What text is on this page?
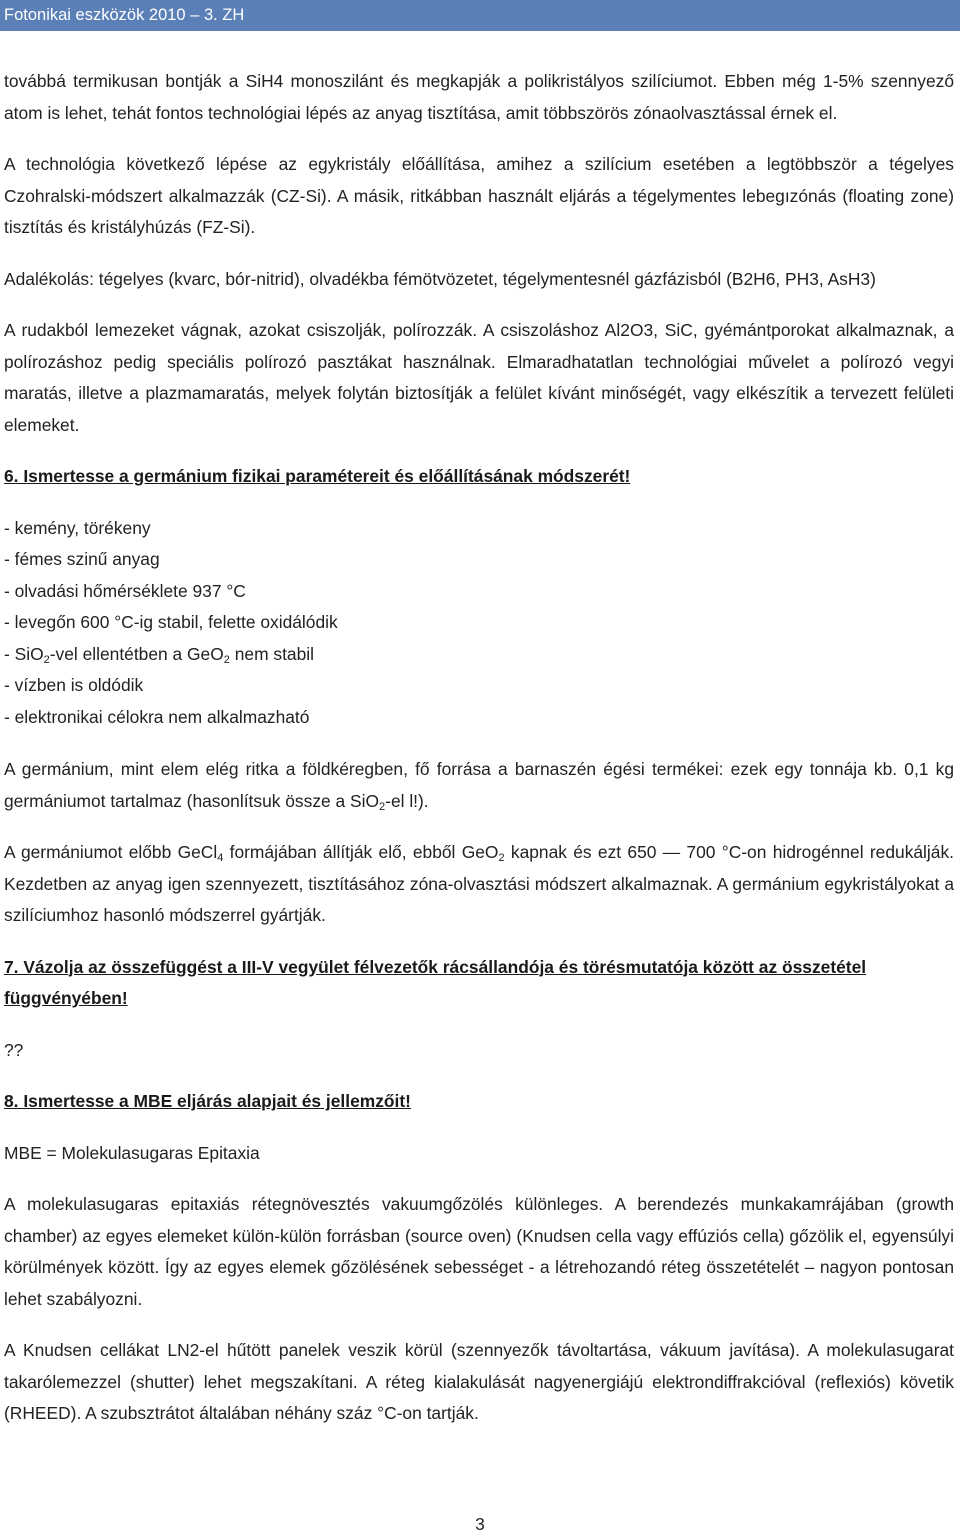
Fotonikai eszközök 2010 – 3. ZH

továbbá termikusan bontják a SiH4 monoszilánt és megkapják a polikristályos szilíciumot. Ebben még 1-5% szennyező atom is lehet, tehát fontos technológiai lépés az anyag tisztítása, amit többszörös zónaolvasztással érnek el.

A technológia következő lépése az egykristály előállítása, amihez a szilícium esetében a legtöbbször a tégelyes Czohralski-módszert alkalmazzák (CZ-Si). A másik, ritkábban használt eljárás a tégelymentes lebegızónás (floating zone) tisztítás és kristályhúzás (FZ-Si).

Adalékolás: tégelyes (kvarc, bór-nitrid), olvadékba fémötvözetet, tégelymentesnél gázfázisból (B2H6, PH3, AsH3)

A rudakból lemezeket vágnak, azokat csiszolják, polírozzák. A csiszoláshoz Al2O3, SiC, gyémántporokat alkalmaznak, a polírozáshoz pedig speciális polírozó pasztákat használnak. Elmaradhatatlan technológiai művelet a polírozó vegyi maratás, illetve a plazmamaratás, melyek folytán biztosítják a felület kívánt minőségét, vagy elkészítik a tervezett felületi elemeket.

6. Ismertesse a germánium fizikai paramétereit és előállításának módszerét!

- kemény, törékeny
- fémes szinű anyag
- olvadási hőmérséklete 937 °C
- levegőn 600 °C-ig stabil, felette oxidálódik
- SiO$_2$-vel ellentétben a GeO$_2$ nem stabil
- vízben is oldódik
- elektronikai célokra nem alkalmazható

A germánium, mint elem elég ritka a földkéregben, fő forrása a barnaszén égési termékei: ezek egy tonnája kb. 0,1 kg germániumot tartalmaz (hasonlítsuk össze a SiO$_2$-el l!).

A germániumot előbb GeCl$_4$ formájában állítják elő, ebből GeO$_2$ kapnak és ezt 650 — 700 °C-on hidrogénnel redukálják. Kezdetben az anyag igen szennyezett, tisztításához zóna-olvasztási módszert alkalmaznak. A germánium egykristályokat a szilíciumhoz hasonló módszerrel gyártják.

7. Vázolja az összefüggést a III-V vegyület félvezetők rácsállandója és törésmutatója között az összetétel függvényében!

??

8. Ismertesse a MBE eljárás alapjait és jellemzőit!

MBE = Molekulasugaras Epitaxia

A molekulasugaras epitaxiás rétegnövesztés vakuumgőzölés különleges. A berendezés munkakamrájában (growth chamber) az egyes elemeket külön-külön forrásban (source oven) (Knudsen cella vagy effúziós cella) gőzölik el, egyensúlyi körülmények között. Így az egyes elemek gőzölésének sebességet - a létrehozandó réteg összetételét – nagyon pontosan lehet szabályozni.

A Knudsen cellákat LN2-el hűtött panelek veszik körül (szennyezők távoltartása, vákuum javítása). A molekulasugarat takarólemezzel (shutter) lehet megszakítani. A réteg kialakulását nagyenergiájú elektrondiffrakcióval (reflexiós) követik (RHEED). A szubsztrátot általában néhány száz °C-on tartják.

3
